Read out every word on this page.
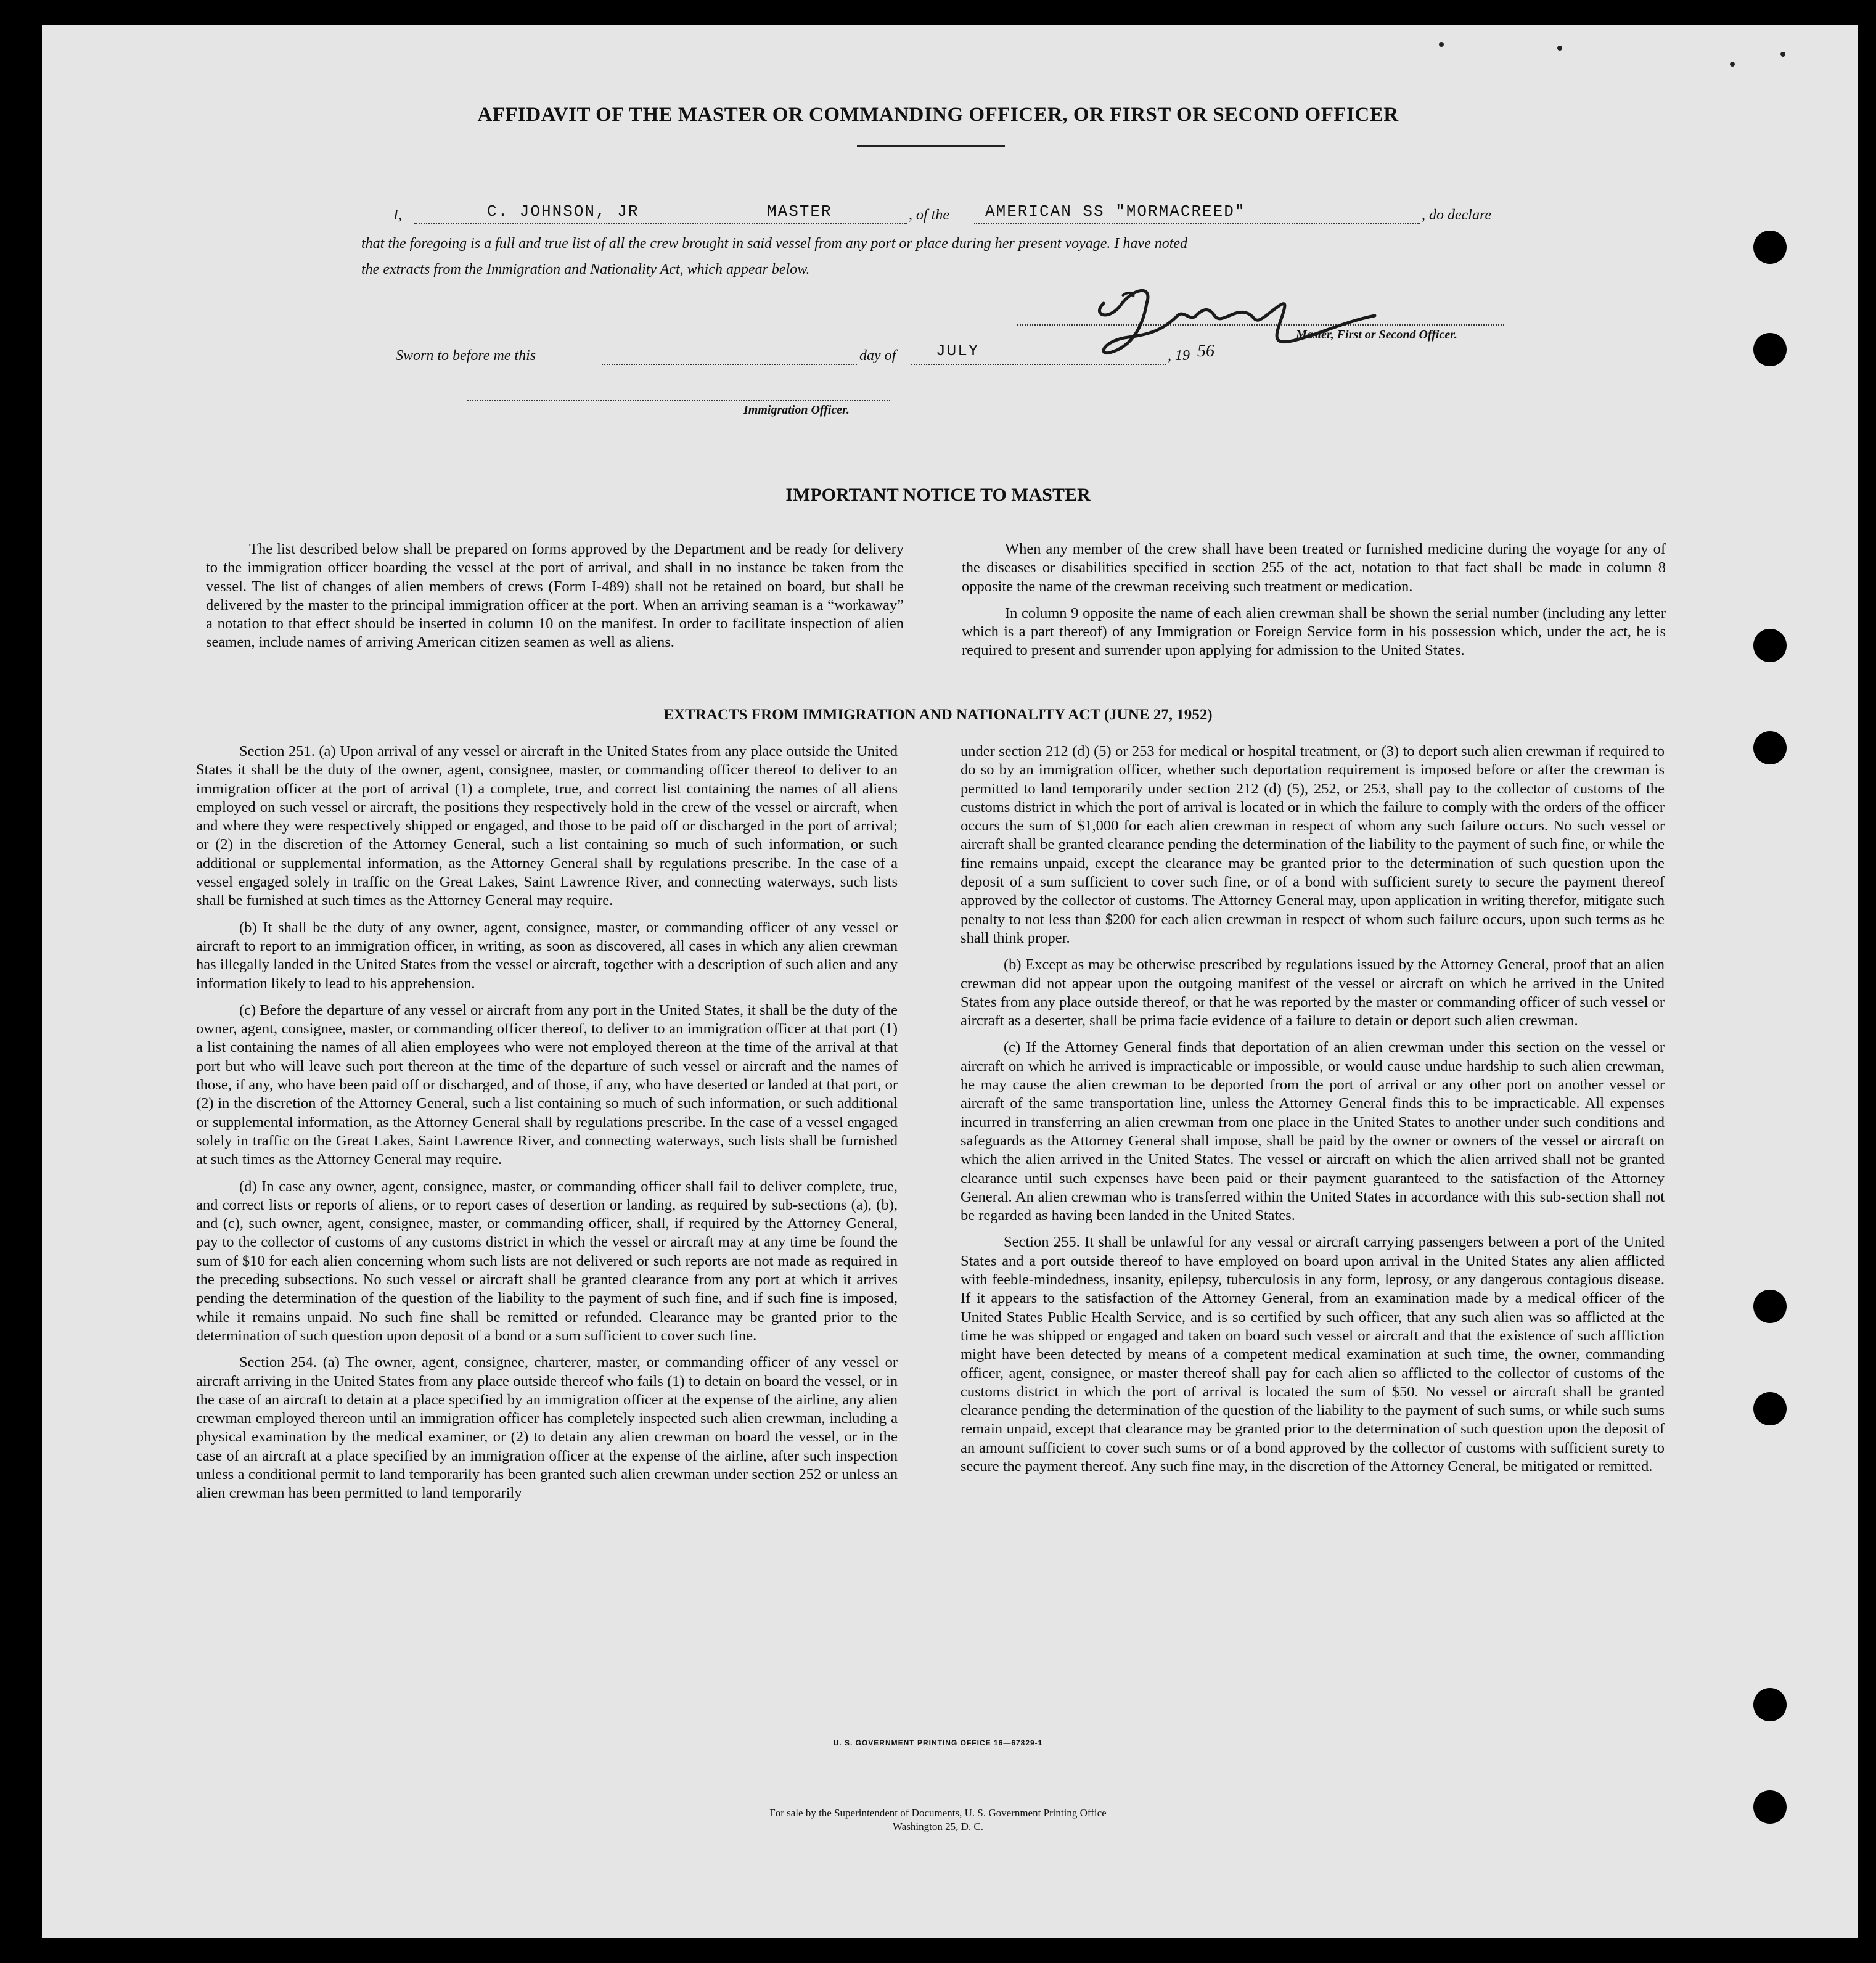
AFFIDAVIT OF THE MASTER OR COMMANDING OFFICER, OR FIRST OR SECOND OFFICER
I,	C. JOHNSON, JR	MASTER	, of the AMERICAN SS "MORMACREED"	, do declare
that the foregoing is a full and true list of all the crew brought in said vessel from any port or place during her present voyage. I have noted
the extracts from the Immigration and Nationality Act, which appear below.
Master, First or Second Officer.
Sworn to before me this	day of JULY	, 19 56
Immigration Officer.
IMPORTANT NOTICE TO MASTER

The list described below shall be prepared on forms approved by the Department and be ready for delivery to the immigration officer boarding the vessel at the port of arrival, and shall in no instance be taken from the vessel. The list of changes of alien members of crews (Form I-489) shall not be retained on board, but shall be delivered by the master to the principal immigration officer at the port. When an arriving seaman is a “workaway” a notation to that effect should be inserted in column 10 on the manifest. In order to facilitate inspection of alien seamen, include names of arriving American citizen seamen as well as aliens.

When any member of the crew shall have been treated or furnished medicine during the voyage for any of the diseases or disabilities specified in section 255 of the act, notation to that fact shall be made in column 8 opposite the name of the crewman receiving such treatment or medication.

In column 9 opposite the name of each alien crewman shall be shown the serial number (including any letter which is a part thereof) of any Immigration or Foreign Service form in his possession which, under the act, he is required to present and surrender upon applying for admission to the United States.

EXTRACTS FROM IMMIGRATION AND NATIONALITY ACT (JUNE 27, 1952)

Section 251. (a) Upon arrival of any vessel or aircraft in the United States from any place outside the United States it shall be the duty of the owner, agent, consignee, master, or commanding officer thereof to deliver to an immigration officer at the port of arrival (1) a complete, true, and correct list containing the names of all aliens employed on such vessel or aircraft, the positions they respectively hold in the crew of the vessel or aircraft, when and where they were respectively shipped or engaged, and those to be paid off or discharged in the port of arrival; or (2) in the discretion of the Attorney General, such a list containing so much of such information, or such additional or supplemental information, as the Attorney General shall by regulations prescribe. In the case of a vessel engaged solely in traffic on the Great Lakes, Saint Lawrence River, and connecting waterways, such lists shall be furnished at such times as the Attorney General may require.

(b) It shall be the duty of any owner, agent, consignee, master, or commanding officer of any vessel or aircraft to report to an immigration officer, in writing, as soon as discovered, all cases in which any alien crewman has illegally landed in the United States from the vessel or aircraft, together with a description of such alien and any information likely to lead to his apprehension.

(c) Before the departure of any vessel or aircraft from any port in the United States, it shall be the duty of the owner, agent, consignee, master, or commanding officer thereof, to deliver to an immigration officer at that port (1) a list containing the names of all alien employees who were not employed thereon at the time of the arrival at that port but who will leave such port thereon at the time of the departure of such vessel or aircraft and the names of those, if any, who have been paid off or discharged, and of those, if any, who have deserted or landed at that port, or (2) in the discretion of the Attorney General, such a list containing so much of such information, or such additional or supplemental information, as the Attorney General shall by regulations prescribe. In the case of a vessel engaged solely in traffic on the Great Lakes, Saint Lawrence River, and connecting waterways, such lists shall be furnished at such times as the Attorney General may require.

(d) In case any owner, agent, consignee, master, or commanding officer shall fail to deliver complete, true, and correct lists or reports of aliens, or to report cases of desertion or landing, as required by sub-sections (a), (b), and (c), such owner, agent, consignee, master, or commanding officer, shall, if required by the Attorney General, pay to the collector of customs of any customs district in which the vessel or aircraft may at any time be found the sum of $10 for each alien concerning whom such lists are not delivered or such reports are not made as required in the preceding subsections. No such vessel or aircraft shall be granted clearance from any port at which it arrives pending the determination of the question of the liability to the payment of such fine, and if such fine is imposed, while it remains unpaid. No such fine shall be remitted or refunded. Clearance may be granted prior to the determination of such question upon deposit of a bond or a sum sufficient to cover such fine.

Section 254. (a) The owner, agent, consignee, charterer, master, or commanding officer of any vessel or aircraft arriving in the United States from any place outside thereof who fails (1) to detain on board the vessel, or in the case of an aircraft to detain at a place specified by an immigration officer at the expense of the airline, any alien crewman employed thereon until an immigration officer has completely inspected such alien crewman, including a physical examination by the medical examiner, or (2) to detain any alien crewman on board the vessel, or in the case of an aircraft at a place specified by an immigration officer at the expense of the airline, after such inspection unless a conditional permit to land temporarily has been granted such alien crewman under section 252 or unless an alien crewman has been permitted to land temporarily

under section 212 (d) (5) or 253 for medical or hospital treatment, or (3) to deport such alien crewman if required to do so by an immigration officer, whether such deportation requirement is imposed before or after the crewman is permitted to land temporarily under section 212 (d) (5), 252, or 253, shall pay to the collector of customs of the customs district in which the port of arrival is located or in which the failure to comply with the orders of the officer occurs the sum of $1,000 for each alien crewman in respect of whom any such failure occurs. No such vessel or aircraft shall be granted clearance pending the determination of the liability to the payment of such fine, or while the fine remains unpaid, except the clearance may be granted prior to the determination of such question upon the deposit of a sum sufficient to cover such fine, or of a bond with sufficient surety to secure the payment thereof approved by the collector of customs. The Attorney General may, upon application in writing therefor, mitigate such penalty to not less than $200 for each alien crewman in respect of whom such failure occurs, upon such terms as he shall think proper.

(b) Except as may be otherwise prescribed by regulations issued by the Attorney General, proof that an alien crewman did not appear upon the outgoing manifest of the vessel or aircraft on which he arrived in the United States from any place outside thereof, or that he was reported by the master or commanding officer of such vessel or aircraft as a deserter, shall be prima facie evidence of a failure to detain or deport such alien crewman.

(c) If the Attorney General finds that deportation of an alien crewman under this section on the vessel or aircraft on which he arrived is impracticable or impossible, or would cause undue hardship to such alien crewman, he may cause the alien crewman to be deported from the port of arrival or any other port on another vessel or aircraft of the same transportation line, unless the Attorney General finds this to be impracticable. All expenses incurred in transferring an alien crewman from one place in the United States to another under such conditions and safeguards as the Attorney General shall impose, shall be paid by the owner or owners of the vessel or aircraft on which the alien arrived in the United States. The vessel or aircraft on which the alien arrived shall not be granted clearance until such expenses have been paid or their payment guaranteed to the satisfaction of the Attorney General. An alien crewman who is transferred within the United States in accordance with this sub-section shall not be regarded as having been landed in the United States.

Section 255. It shall be unlawful for any vessal or aircraft carrying passengers between a port of the United States and a port outside thereof to have employed on board upon arrival in the United States any alien afflicted with feeble-mindedness, insanity, epilepsy, tuberculosis in any form, leprosy, or any dangerous contagious disease. If it appears to the satisfaction of the Attorney General, from an examination made by a medical officer of the United States Public Health Service, and is so certified by such officer, that any such alien was so afflicted at the time he was shipped or engaged and taken on board such vessel or aircraft and that the existence of such affliction might have been detected by means of a competent medical examination at such time, the owner, commanding officer, agent, consignee, or master thereof shall pay for each alien so afflicted to the collector of customs of the customs district in which the port of arrival is located the sum of $50. No vessel or aircraft shall be granted clearance pending the determination of the question of the liability to the payment of such sums, or while such sums remain unpaid, except that clearance may be granted prior to the determination of such question upon the deposit of an amount sufficient to cover such sums or of a bond approved by the collector of customs with sufficient surety to secure the payment thereof. Any such fine may, in the discretion of the Attorney General, be mitigated or remitted.

U. S. GOVERNMENT PRINTING OFFICE 16—67829-1
For sale by the Superintendent of Documents, U. S. Government Printing Office
Washington 25, D. C.
